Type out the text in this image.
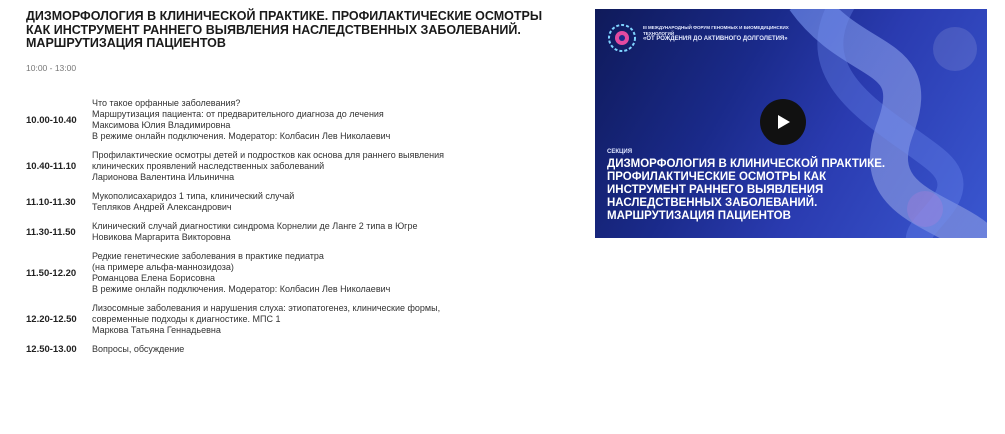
ДИЗМОРФОЛОГИЯ В КЛИНИЧЕСКОЙ ПРАКТИКЕ. ПРОФИЛАКТИЧЕСКИЕ ОСМОТРЫ КАК ИНСТРУМЕНТ РАННЕГО ВЫЯВЛЕНИЯ НАСЛЕДСТВЕННЫХ ЗАБОЛЕВАНИЙ. МАРШРУТИЗАЦИЯ ПАЦИЕНТОВ
10:00 - 13:00
10.00-10.40
Что такое орфанные заболевания?
Маршрутизация пациента: от предварительного диагноза до лечения
Максимова Юлия Владимировна
В режиме онлайн подключения. Модератор: Колбасин Лев Николаевич
10.40-11.10
Профилактические осмотры детей и подростков как основа для раннего выявления
клинических проявлений наследственных заболеваний
Ларионова Валентина Ильинична
11.10-11.30
Мукополисахаридоз 1 типа, клинический случай
Тепляков Андрей Александрович
11.30-11.50
Клинический случай диагностики синдрома Корнелии де Ланге 2 типа в Югре
Новикова Маргарита Викторовна
11.50-12.20
Редкие генетические заболевания в практике педиатра
(на примере альфа-маннозидоза)
Романцова Елена Борисовна
В режиме онлайн подключения. Модератор: Колбасин Лев Николаевич
12.20-12.50
Лизосомные заболевания и нарушения слуха: этиопатогенез, клинические формы,
современные подходы к диагностике. МПС 1
Маркова Татьяна Геннадьевна
12.50-13.00	Вопросы, обсуждение
III МЕЖДУНАРОДНЫЙ ФОРУМ ГЕНОМНЫХ И БИОМЕДИЦИНСКИХ ТЕХНОЛОГИЙ
«ОТ РОЖДЕНИЯ ДО АКТИВНОГО ДОЛГОЛЕТИЯ»
СЕКЦИЯ
ДИЗМОРФОЛОГИЯ В КЛИНИЧЕСКОЙ ПРАКТИКЕ. ПРОФИЛАКТИЧЕСКИЕ ОСМОТРЫ КАК ИНСТРУМЕНТ РАННЕГО ВЫЯВЛЕНИЯ НАСЛЕДСТВЕННЫХ ЗАБОЛЕВАНИЙ. МАРШРУТИЗАЦИЯ ПАЦИЕНТОВ
